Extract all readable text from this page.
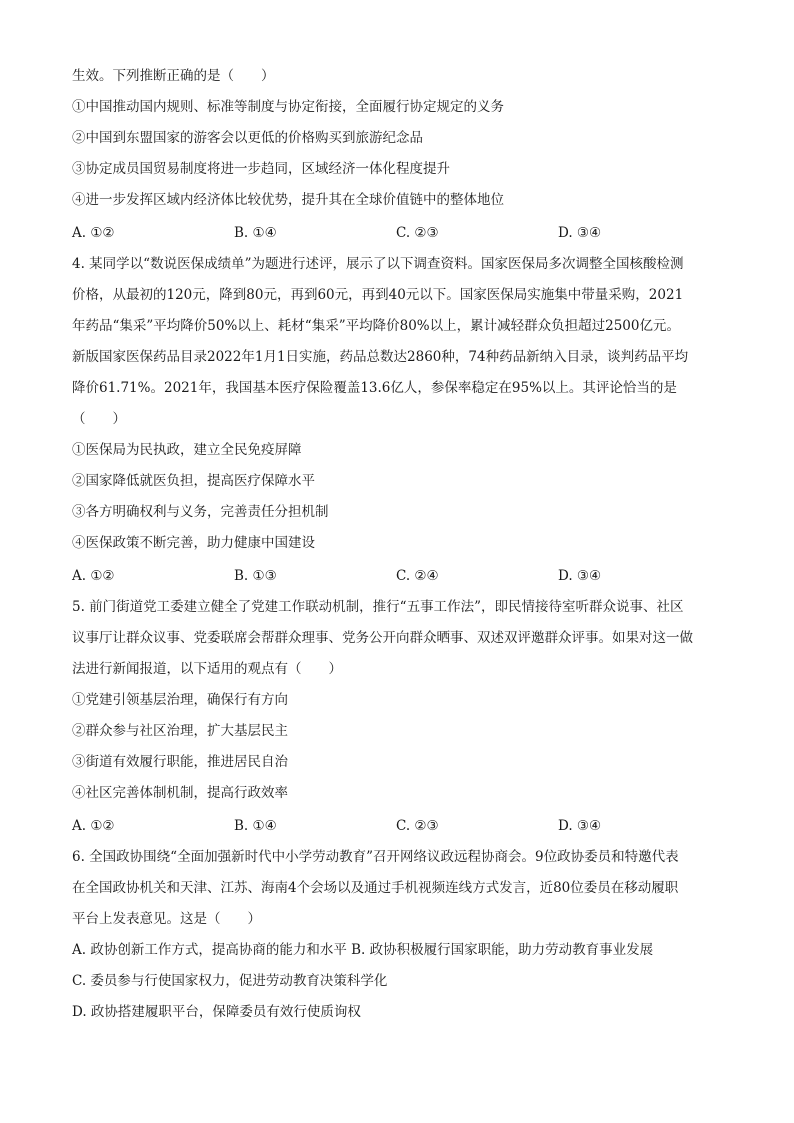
生效。下列推断正确的是（　　）
①中国推动国内规则、标准等制度与协定衔接，全面履行协定规定的义务
②中国到东盟国家的游客会以更低的价格购买到旅游纪念品
③协定成员国贸易制度将进一步趋同，区域经济一体化程度提升
④进一步发挥区域内经济体比较优势，提升其在全球价值链中的整体地位
A. ①②	B. ①④	C. ②③	D. ③④
4. 某同学以“数说医保成绩单”为题进行述评，展示了以下调查资料。国家医保局多次调整全国核酸检测
价格，从最初的120元，降到80元，再到60元，再到40元以下。国家医保局实施集中带量采购，2021
年药品“集采”平均降价50%以上、耗材“集采”平均降价80%以上，累计减轻群众负担超过2500亿元。
新版国家医保药品目录2022年1月1日实施，药品总数达2860种，74种药品新纳入目录，谈判药品平均
降价61.71%。2021年，我国基本医疗保险覆盖13.6亿人，参保率稳定在95%以上。其评论恰当的是
（　　）
①医保局为民执政，建立全民免疫屏障
②国家降低就医负担，提高医疗保障水平
③各方明确权利与义务，完善责任分担机制
④医保政策不断完善，助力健康中国建设
A. ①②	B. ①③	C. ②④	D. ③④
5. 前门街道党工委建立健全了党建工作联动机制，推行“五事工作法”，即民情接待室听群众说事、社区
议事厅让群众议事、党委联席会帮群众理事、党务公开向群众晒事、双述双评邀群众评事。如果对这一做
法进行新闻报道，以下适用的观点有（　　）
①党建引领基层治理，确保行有方向
②群众参与社区治理，扩大基层民主
③街道有效履行职能，推进居民自治
④社区完善体制机制，提高行政效率
A. ①②	B. ①④	C. ②③	D. ③④
6. 全国政协围绕“全面加强新时代中小学劳动教育”召开网络议政远程协商会。9位政协委员和特邀代表
在全国政协机关和天津、江苏、海南4个会场以及通过手机视频连线方式发言，近80位委员在移动履职
平台上发表意见。这是（　　）
A. 政协创新工作方式，提高协商的能力和水平 B. 政协积极履行国家职能，助力劳动教育事业发展
C. 委员参与行使国家权力，促进劳动教育决策科学化
D. 政协搭建履职平台，保障委员有效行使质询权
